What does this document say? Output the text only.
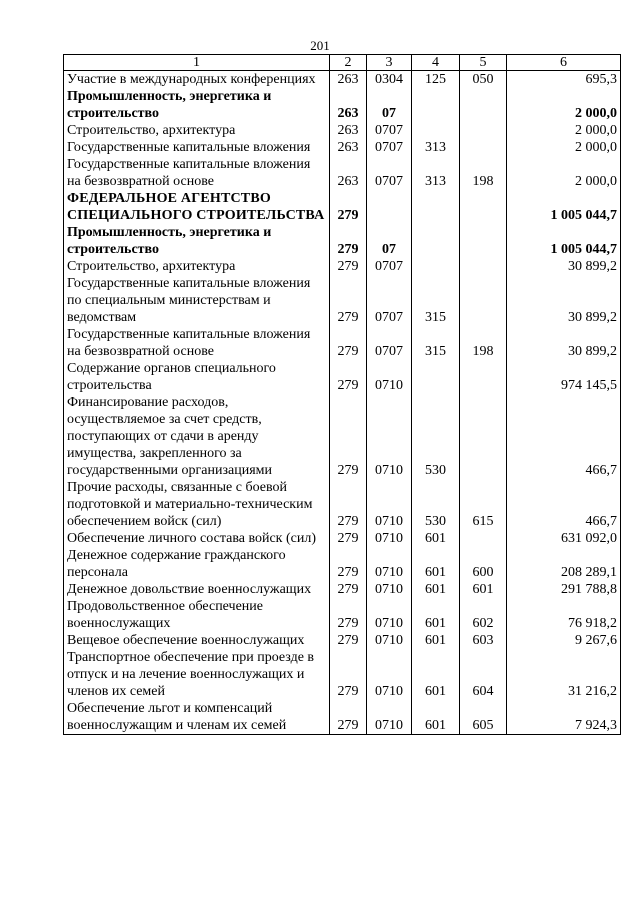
201
1	2	3	4	5	6
Участие в международных конференциях	263	0304	125	050	695,3
Промышленность, энергетика и строительство	263	07			2 000,0
Строительство, архитектура	263	0707			2 000,0
Государственные капитальные вложения	263	0707	313		2 000,0
Государственные капитальные вложения на безвозвратной основе	263	0707	313	198	2 000,0
ФЕДЕРАЛЬНОЕ АГЕНТСТВО СПЕЦИАЛЬНОГО СТРОИТЕЛЬСТВА	279				1 005 044,7
Промышленность, энергетика и строительство	279	07			1 005 044,7
Строительство, архитектура	279	0707			30 899,2
Государственные капитальные вложения по специальным министерствам и ведомствам	279	0707	315		30 899,2
Государственные капитальные вложения на безвозвратной основе	279	0707	315	198	30 899,2
Содержание органов специального строительства	279	0710			974 145,5
Финансирование расходов, осуществляемое за счет средств, поступающих от сдачи в аренду имущества, закрепленного за государственными организациями	279	0710	530		466,7
Прочие расходы, связанные с боевой подготовкой и материально-техническим обеспечением войск (сил)	279	0710	530	615	466,7
Обеспечение личного состава войск (сил)	279	0710	601		631 092,0
Денежное содержание гражданского персонала	279	0710	601	600	208 289,1
Денежное довольствие военнослужащих	279	0710	601	601	291 788,8
Продовольственное обеспечение военнослужащих	279	0710	601	602	76 918,2
Вещевое обеспечение военнослужащих	279	0710	601	603	9 267,6
Транспортное обеспечение при проезде в отпуск и на лечение военнослужащих и членов их семей	279	0710	601	604	31 216,2
Обеспечение льгот и компенсаций военнослужащим и членам их семей	279	0710	601	605	7 924,3
